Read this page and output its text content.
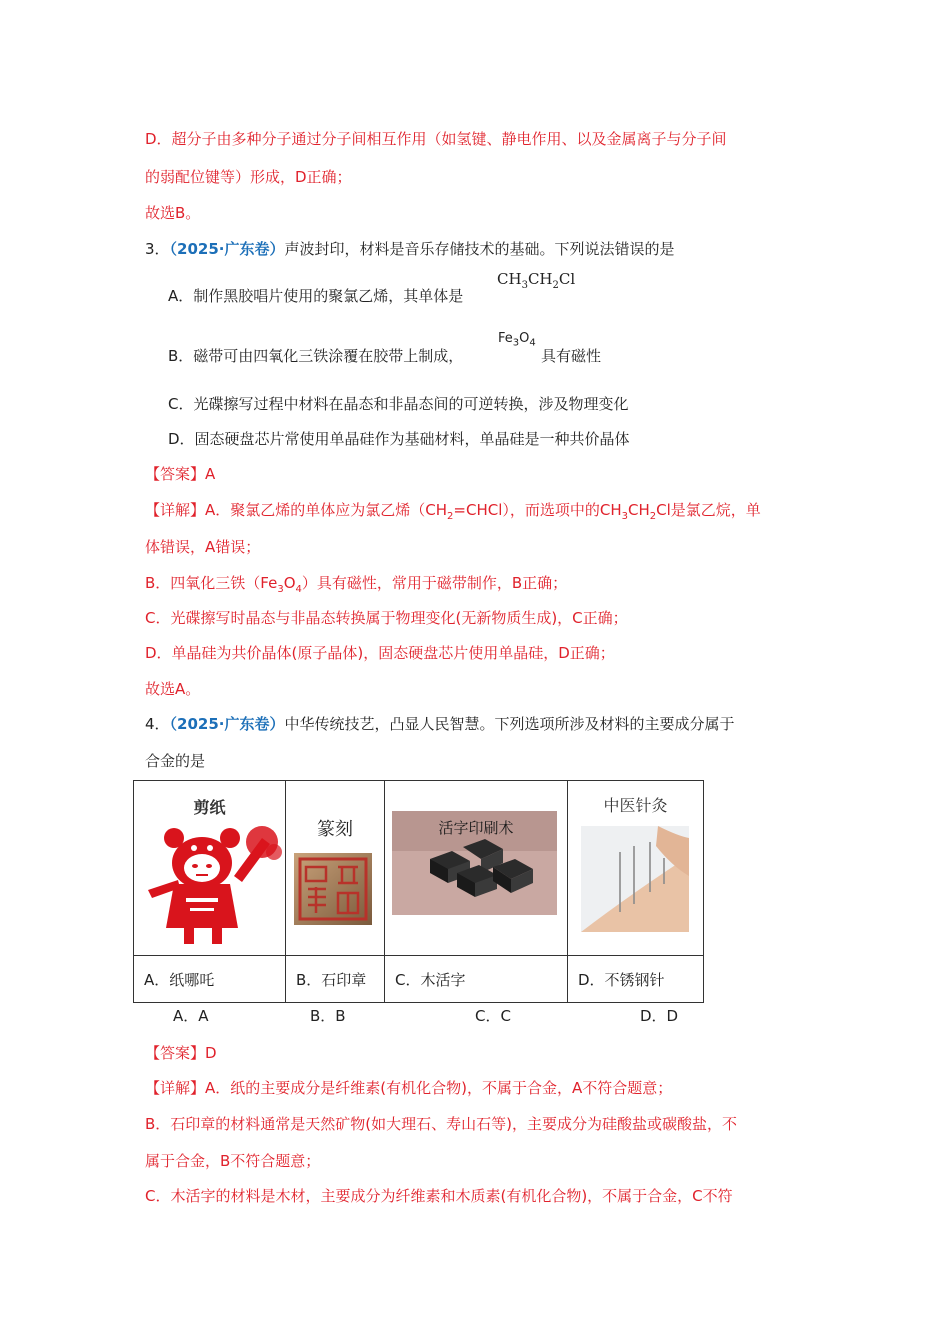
D．超分子由多种分子通过分子间相互作用（如氢键、静电作用、以及金属离子与分子间
的弱配位键等）形成，D正确；
故选B。
3．（2025·广东卷）声波封印，材料是音乐存储技术的基础。下列说法错误的是
A．制作黑胶唱片使用的聚氯乙烯，其单体是
$CH_3CH_2Cl$
B．磁带可由四氧化三铁涂覆在胶带上制成，
$Fe_3O_4$
具有磁性
C．光碟擦写过程中材料在晶态和非晶态间的可逆转换，涉及物理变化
D．固态硬盘芯片常使用单晶硅作为基础材料，单晶硅是一种共价晶体
【答案】A
【详解】A．聚氯乙烯的单体应为氯乙烯$(CH_2=CHCl)$，而选项中的$CH_3CH_2Cl$是氯乙烷，单
体错误，A错误；
B．四氧化三铁$(Fe_3O_4)$具有磁性，常用于磁带制作，B正确；
C．光碟擦写时晶态与非晶态转换属于物理变化(无新物质生成)，C正确；
D．单晶硅为共价晶体(原子晶体)，固态硬盘芯片使用单晶硅，D正确；
故选A。
4．（2025·广东卷）中华传统技艺，凸显人民智慧。下列选项所涉及材料的主要成分属于
合金的是
剪纸	篆刻	活字印刷术	中医针灸

A．纸哪吒	B．石印章	C．木活字	D．不锈钢针
A．A	B．B	C．C	D．D
【答案】D
【详解】A．纸的主要成分是纤维素(有机化合物)，不属于合金，A不符合题意；
B．石印章的材料通常是天然矿物(如大理石、寿山石等)，主要成分为硅酸盐或碳酸盐，不
属于合金，B不符合题意；
C．木活字的材料是木材，主要成分为纤维素和木质素(有机化合物)，不属于合金，C不符
